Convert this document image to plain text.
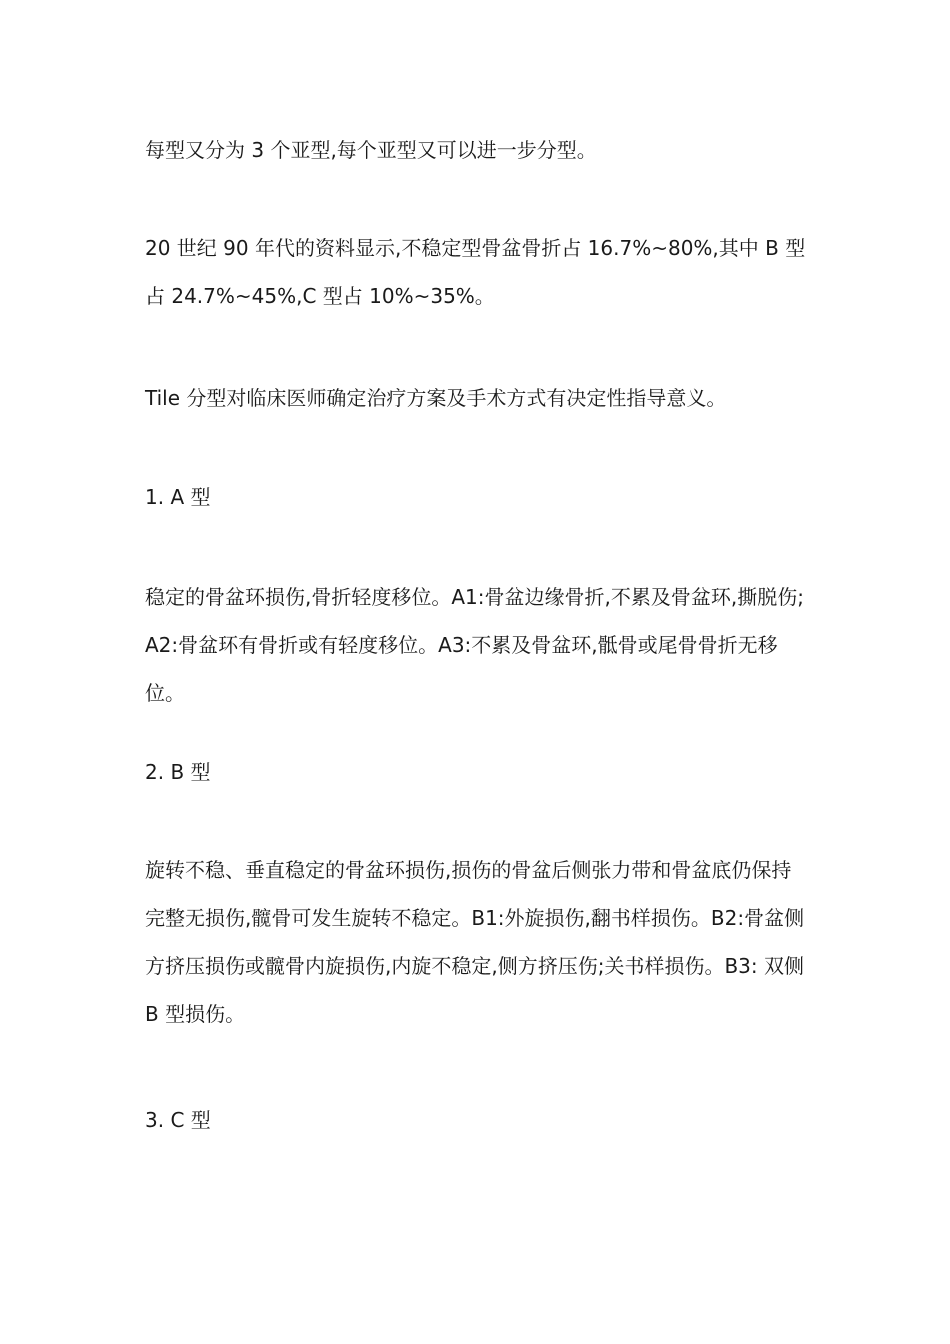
每型又分为 3 个亚型,每个亚型又可以进一步分型。

20 世纪 90 年代的资料显示,不稳定型骨盆骨折占 16.7%~80%,其中 B 型占 24.7%~45%,C 型占 10%~35%。

Tile 分型对临床医师确定治疗方案及手术方式有决定性指导意义。

1. A 型

稳定的骨盆环损伤,骨折轻度移位。A1:骨盆边缘骨折,不累及骨盆环,撕脱伤;A2:骨盆环有骨折或有轻度移位。A3:不累及骨盆环,骶骨或尾骨骨折无移位。

2. B 型

旋转不稳、垂直稳定的骨盆环损伤,损伤的骨盆后侧张力带和骨盆底仍保持完整无损伤,髋骨可发生旋转不稳定。B1:外旋损伤,翻书样损伤。B2:骨盆侧方挤压损伤或髋骨内旋损伤,内旋不稳定,侧方挤压伤;关书样损伤。B3: 双侧 B 型损伤。

3. C 型
